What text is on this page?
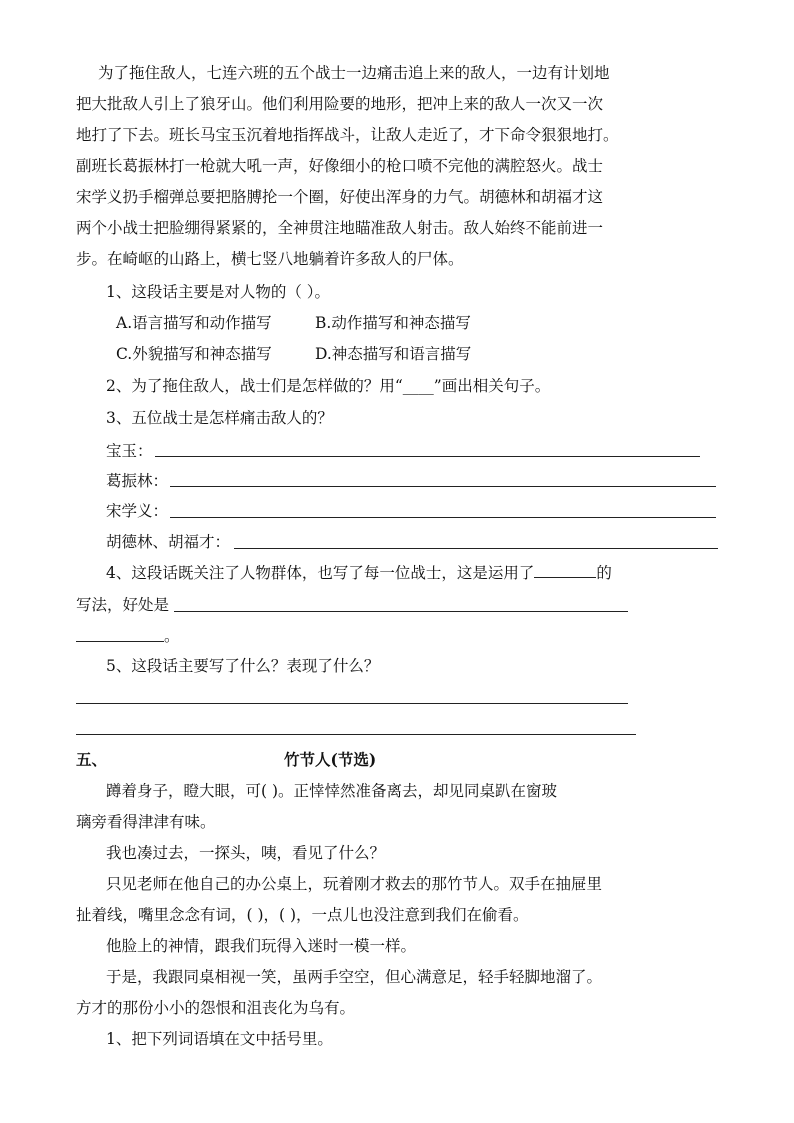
为了拖住敌人，七连六班的五个战士一边痛击追上来的敌人，一边有计划地
把大批敌人引上了狼牙山。他们利用险要的地形，把冲上来的敌人一次又一次
地打了下去。班长马宝玉沉着地指挥战斗，让敌人走近了，才下命令狠狠地打。
副班长葛振林打一枪就大吼一声，好像细小的枪口喷不完他的满腔怒火。战士
宋学义扔手榴弹总要把胳膊抡一个圈，好使出浑身的力气。胡德林和胡福才这
两个小战士把脸绷得紧紧的，全神贯注地瞄准敌人射击。敌人始终不能前进一
步。在崎岖的山路上，横七竖八地躺着许多敌人的尸体。
1、这段话主要是对人物的（ ）。
A.语言描写和动作描写	B.动作描写和神态描写
C.外貌描写和神态描写	D.神态描写和语言描写
2、为了拖住敌人，战士们是怎样做的？用“____”画出相关句子。
3、五位战士是怎样痛击敌人的？
宝玉：
葛振林：
宋学义：
胡德林、胡福才：
4、这段话既关注了人物群体，也写了每一位战士，这是运用了	的
写法，好处是
。
5、这段话主要写了什么？表现了什么？
五、	竹节人(节选)
蹲着身子，瞪大眼，可( )。正悻悻然准备离去，却见同桌趴在窗玻
璃旁看得津津有味。
我也凑过去，一探头，咦，看见了什么？
只见老师在他自己的办公桌上，玩着刚才救去的那竹节人。双手在抽屉里
扯着线，嘴里念念有词，( )，( )，一点儿也没注意到我们在偷看。
他脸上的神情，跟我们玩得入迷时一模一样。
于是，我跟同桌相视一笑，虽两手空空，但心满意足，轻手轻脚地溜了。
方才的那份小小的怨恨和沮丧化为乌有。
1、把下列词语填在文中括号里。
